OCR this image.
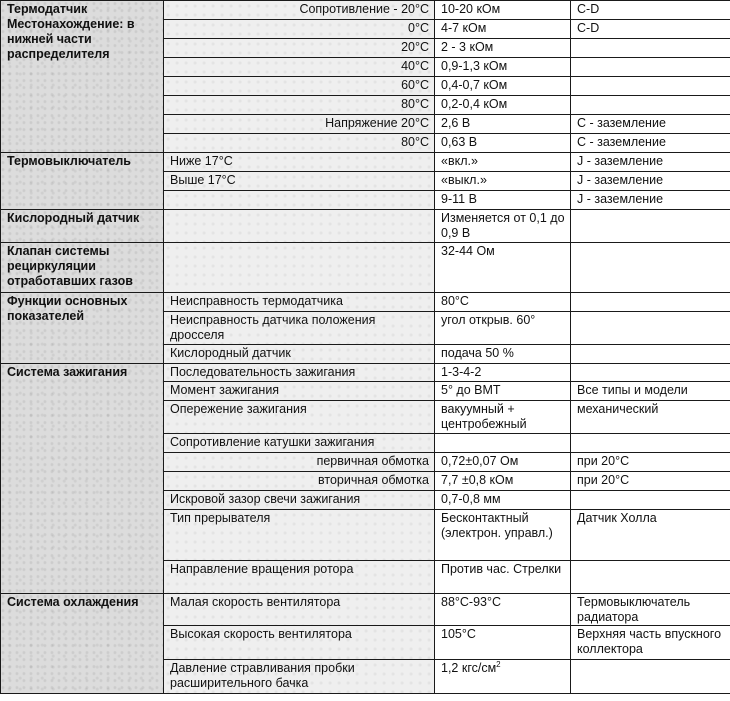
Термодатчик Местонахождение: в нижней части распределителя	Сопротивление - 20°C	10-20 кОм	C-D
	0°C	4-7 кОм	C-D
	20°C	2 - 3 кОм	
	40°C	0,9-1,3 кОм	
	60°C	0,4-0,7 кОм	
	80°C	0,2-0,4 кОм	
	Напряжение 20°C	2,6 В	С - заземление
	80°C	0,63 В	С - заземление
Термовыключатель	Ниже 17°C	«вкл.»	J - заземление
	Выше 17°C	«выкл.»	J - заземление
		9-11 В	J - заземление
Кислородный датчик		Изменяется от 0,1 до 0,9 В	
Клапан системы рециркуляции отработавших газов		32-44 Ом	
Функции основных показателей	Неисправность термодатчика	80°C	
	Неисправность датчика положения дросселя	угол открыв. 60°	
	Кислородный датчик	подача 50 %	
Система зажигания	Последовательность зажигания	1-3-4-2	
	Момент зажигания	5° до ВМТ	Все типы и модели
	Опережение зажигания	вакуумный + центробежный	механический
	Сопротивление катушки зажигания		
	первичная обмотка	0,72±0,07 Ом	при 20°C
	вторичная обмотка	7,7 ±0,8 кОм	при 20°C
	Искровой зазор свечи зажигания	0,7-0,8 мм	
	Тип прерывателя	Бесконтактный (электрон. управл.)	Датчик Холла
	Направление вращения ротора	Против час. Стрелки	
Система охлаждения	Малая скорость вентилятора	88°C-93°C	Термовыключатель радиатора
	Высокая скорость вентилятора	105°C	Верхняя часть впускного коллектора
	Давление стравливания пробки расширительного бачка	1,2 кгс/$см^2$	
